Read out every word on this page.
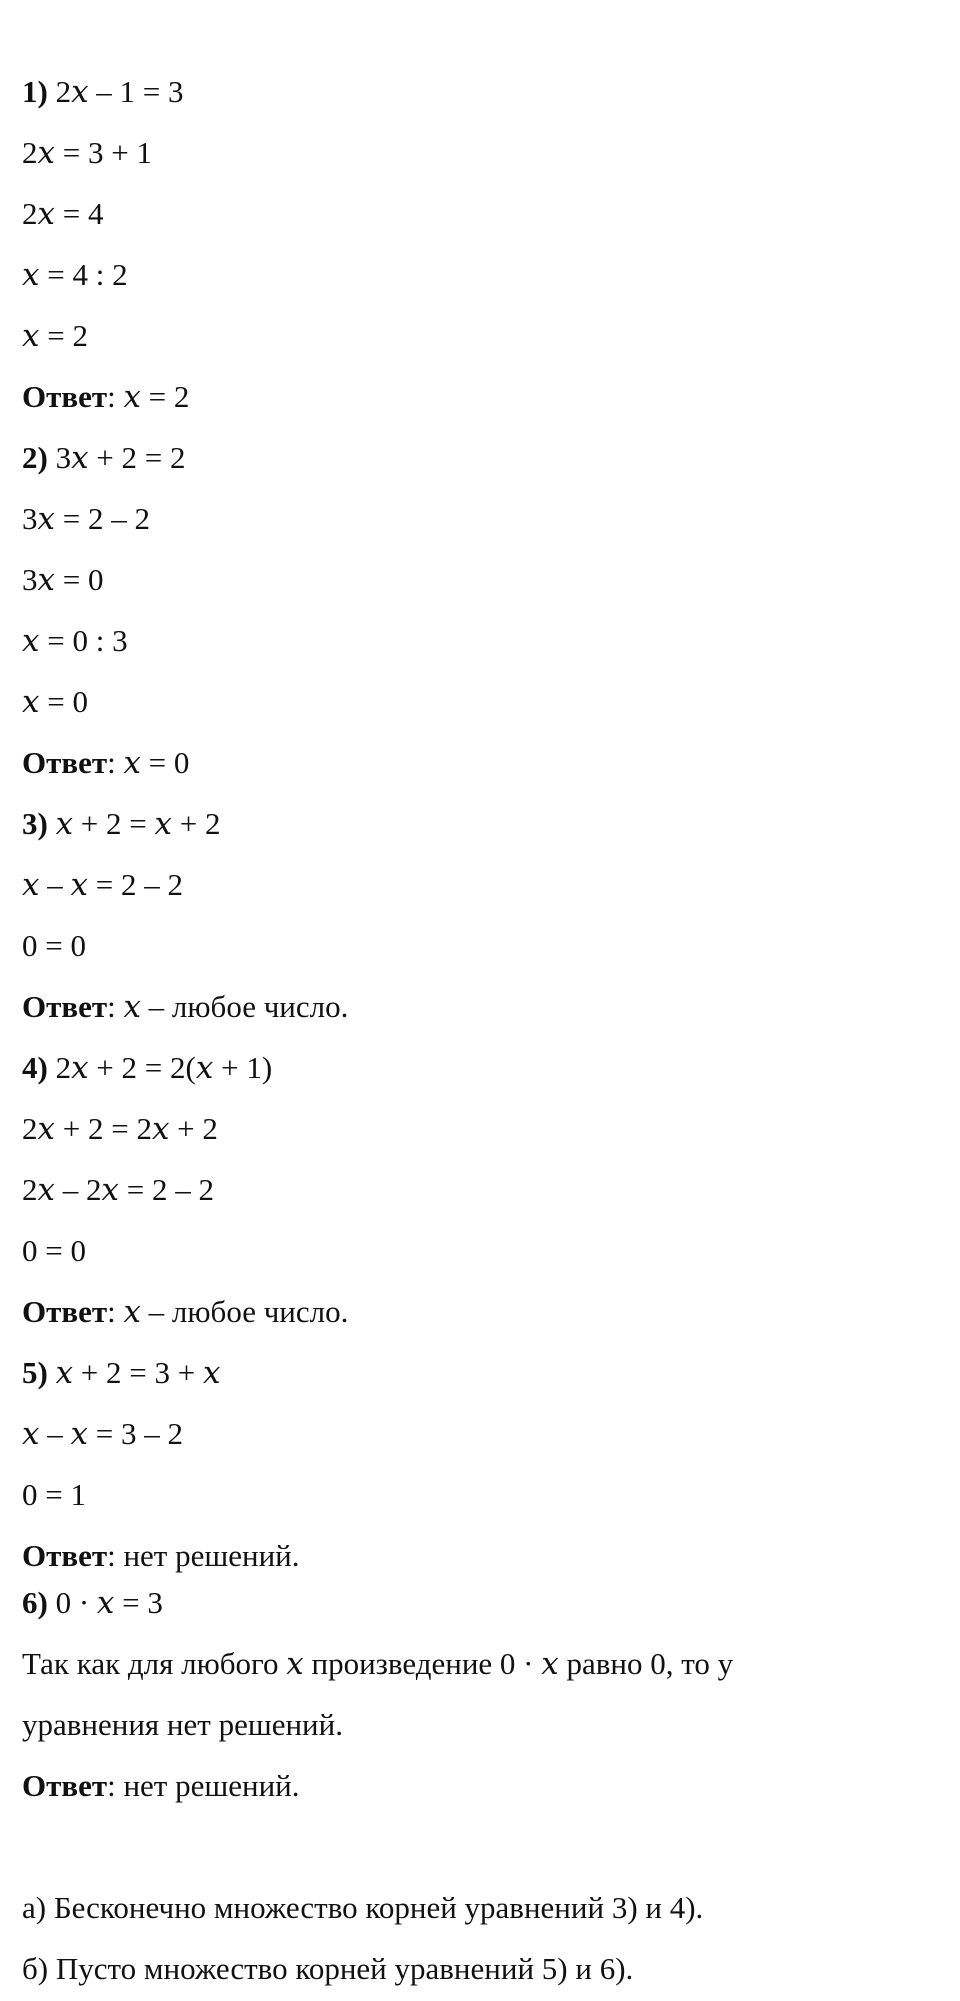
1) 2𝑥 – 1 = 3
2𝑥 = 3 + 1
2𝑥 = 4
𝑥 = 4 : 2
𝑥 = 2
Ответ: 𝑥 = 2
2) 3𝑥 + 2 = 2
3𝑥 = 2 – 2
3𝑥 = 0
𝑥 = 0 : 3
𝑥 = 0
Ответ: 𝑥 = 0
3) 𝑥 + 2 = 𝑥 + 2
𝑥 – 𝑥 = 2 – 2
0 = 0
Ответ: 𝑥 – любое число.
4) 2𝑥 + 2 = 2(𝑥 + 1)
2𝑥 + 2 = 2𝑥 + 2
2𝑥 – 2𝑥 = 2 – 2
0 = 0
Ответ: 𝑥 – любое число.
5) 𝑥 + 2 = 3 + 𝑥
𝑥 – 𝑥 = 3 – 2
0 = 1
Ответ: нет решений.
6) 0 · 𝑥 = 3
Так как для любого 𝑥 произведение 0 · 𝑥 равно 0, то у
уравнения нет решений.
Ответ: нет решений.
а) Бесконечно множество корней уравнений 3) и 4).
б) Пусто множество корней уравнений 5) и 6).
